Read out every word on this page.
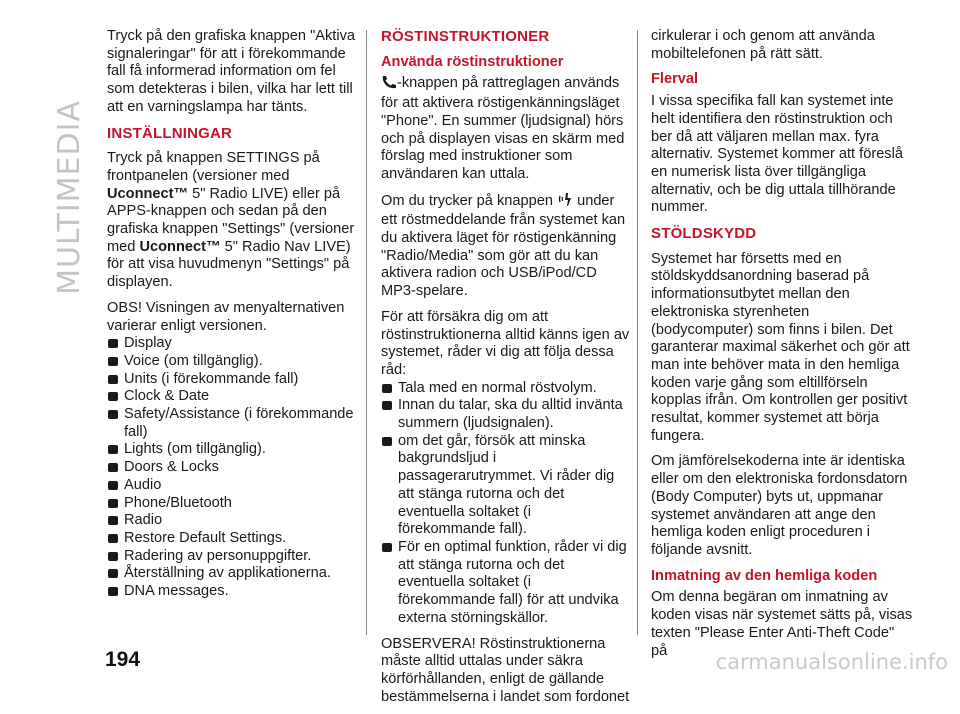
MULTIMEDIA

Tryck på den grafiska knappen "Aktiva signaleringar" för att i förekommande fall få informerad information om fel som detekteras i bilen, vilka har lett till att en varningslampa har tänts.

INSTÄLLNINGAR

Tryck på knappen SETTINGS på frontpanelen (versioner med Uconnect™ 5" Radio LIVE) eller på APPS-knappen och sedan på den grafiska knappen "Settings" (versioner med Uconnect™ 5" Radio Nav LIVE) för att visa huvudmenyn "Settings" på displayen.

OBS! Visningen av menyalternativen varierar enligt versionen.

Display
Voice (om tillgänglig).
Units (i förekommande fall)
Clock & Date
Safety/Assistance (i förekommande fall)
Lights (om tillgänglig).
Doors & Locks
Audio
Phone/Bluetooth
Radio
Restore Default Settings.
Radering av personuppgifter.
Återställning av applikationerna.
DNA messages.
RÖSTINSTRUKTIONER
Använda röstinstruktioner

-knappen på rattreglagen används för att aktivera röstigenkänningsläget "Phone". En summer (ljudsignal) hörs och på displayen visas en skärm med förslag med instruktioner som användaren kan uttala.

Om du trycker på knappen  under ett röstmeddelande från systemet kan du aktivera läget för röstigenkänning "Radio/Media" som gör att du kan aktivera radion och USB/iPod/CD MP3-spelare.

För att försäkra dig om att röstinstruktionerna alltid känns igen av systemet, råder vi dig att följa dessa råd:

Tala med en normal röstvolym.
Innan du talar, ska du alltid invänta summern (ljudsignalen).
om det går, försök att minska bakgrundsljud i passagerarutrymmet. Vi råder dig att stänga rutorna och det eventuella soltaket (i förekommande fall).
För en optimal funktion, råder vi dig att stänga rutorna och det eventuella soltaket (i förekommande fall) för att undvika externa störningskällor.

OBSERVERA! Röstinstruktionerna måste alltid uttalas under säkra körförhållanden, enligt de gällande bestämmelserna i landet som fordonet

cirkulerar i och genom att använda mobiltelefonen på rätt sätt.

Flerval

I vissa specifika fall kan systemet inte helt identifiera den röstinstruktion och ber då att väljaren mellan max. fyra alternativ. Systemet kommer att föreslå en numerisk lista över tillgängliga alternativ, och be dig uttala tillhörande nummer.

STÖLDSKYDD

Systemet har försetts med en stöldskyddsanordning baserad på informationsutbytet mellan den elektroniska styrenheten (bodycomputer) som finns i bilen. Det garanterar maximal säkerhet och gör att man inte behöver mata in den hemliga koden varje gång som eltillförseln kopplas ifrån. Om kontrollen ger positivt resultat, kommer systemet att börja fungera.

Om jämförelsekoderna inte är identiska eller om den elektroniska fordonsdatorn (Body Computer) byts ut, uppmanar systemet användaren att ange den hemliga koden enligt proceduren i följande avsnitt.

Inmatning av den hemliga koden

Om denna begäran om inmatning av koden visas när systemet sätts på, visas texten "Please Enter Anti-Theft Code" på

194	carmanualsonline.info
